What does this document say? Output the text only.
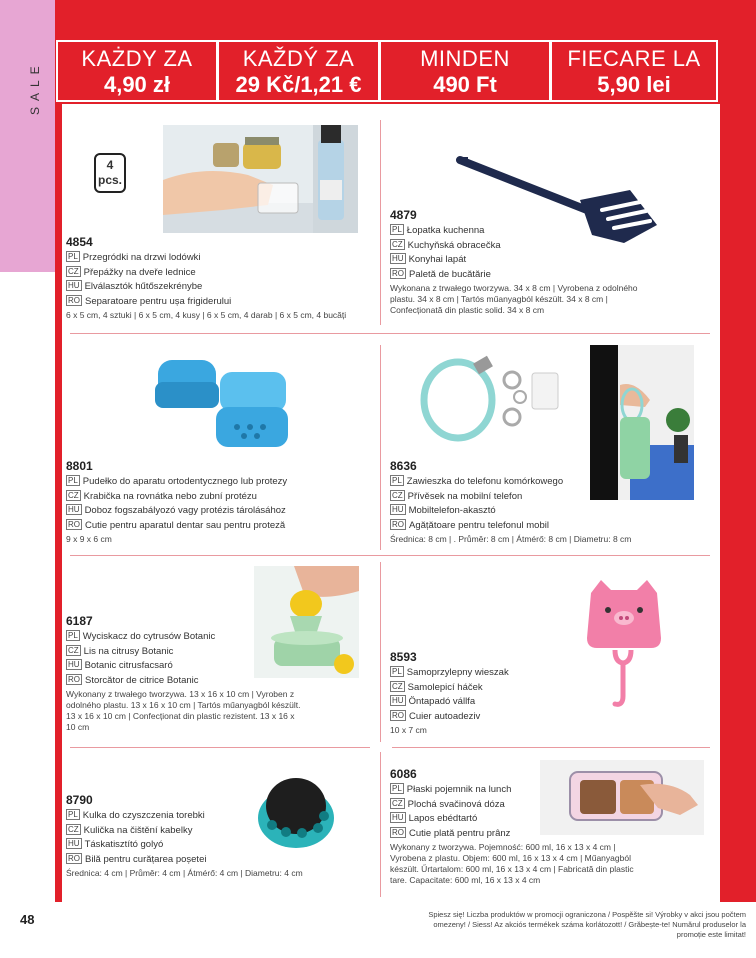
SALE
KAŻDY ZA
4,90 zł
KAŽDÝ ZA
29 Kč/1,21 €
MINDEN
490 Ft
FIECARE LA
5,90 lei
4
pcs.
4854
PL Przegródki na drzwi lodówki
CZ Přepážky na dveře lednice
HU Elválasztók hűtőszekrénybe
RO Separatoare pentru ușa frigiderului
6 x 5 cm, 4 sztuki | 6 x 5 cm, 4 kusy | 6 x 5 cm, 4 darab | 6 x 5 cm, 4 bucăți
4879
PL Łopatka kuchenna
CZ Kuchyňská obracečka
HU Konyhai lapát
RO Paletă de bucătărie
Wykonana z trwałego tworzywa. 34 x 8 cm | Vyrobena z odolného plastu. 34 x 8 cm | Tartós műanyagból készült. 34 x 8 cm | Confecționată din plastic solid. 34 x 8 cm
8801
PL Pudełko do aparatu ortodentycznego lub protezy
CZ Krabička na rovnátka nebo zubní protézu
HU Doboz fogszabályozó vagy protézis tárolásához
RO Cutie pentru aparatul dentar sau pentru proteză
9 x 9 x 6 cm
8636
PL Zawieszka do telefonu komórkowego
CZ Přívěsek na mobilní telefon
HU Mobiltelefon-akasztó
RO Agățătoare pentru telefonul mobil
Średnica: 8 cm | . Průměr: 8 cm | Átmérő: 8 cm | Diametru: 8 cm
6187
PL Wyciskacz do cytrusów Botanic
CZ Lis na citrusy Botanic
HU Botanic citrusfacsaró
RO Storcător de citrice Botanic
Wykonany z trwałego tworzywa. 13 x 16 x 10 cm | Vyroben z odolného plastu. 13 x 16 x 10 cm | Tartós műanyagból készült. 13 x 16 x 10 cm | Confecționat din plastic rezistent. 13 x 16 x 10 cm
8593
PL Samoprzylepny wieszak
CZ Samolepicí háček
HU Öntapadó vállfa
RO Cuier autoadeziv
10 x 7 cm
8790
PL Kulka do czyszczenia torebki
CZ Kulička na čištění kabelky
HU Táskatisztító golyó
RO Bilă pentru curățarea poșetei
Średnica: 4 cm | Průměr: 4 cm | Átmérő: 4 cm | Diametru: 4 cm
6086
PL Płaski pojemnik na lunch
CZ Plochá svačinová dóza
HU Lapos ebédtartó
RO Cutie plată pentru prânz
Wykonany z tworzywa. Pojemność: 600 ml, 16 x 13 x 4 cm | Vyrobena z plastu. Objem: 600 ml, 16 x 13 x 4 cm | Műanyagból készült. Űrtartalom: 600 ml, 16 x 13 x 4 cm | Fabricată din plastic tare. Capacitate: 600 ml, 16 x 13 x 4 cm
48	Spiesz się! Liczba produktów w promocji ograniczona / Pospěšte si! Výrobky v akci jsou počtem omezeny! / Siess! Az akciós termékek száma korlátozott! / Grăbește-te! Numărul produselor la promoție este limitat!
